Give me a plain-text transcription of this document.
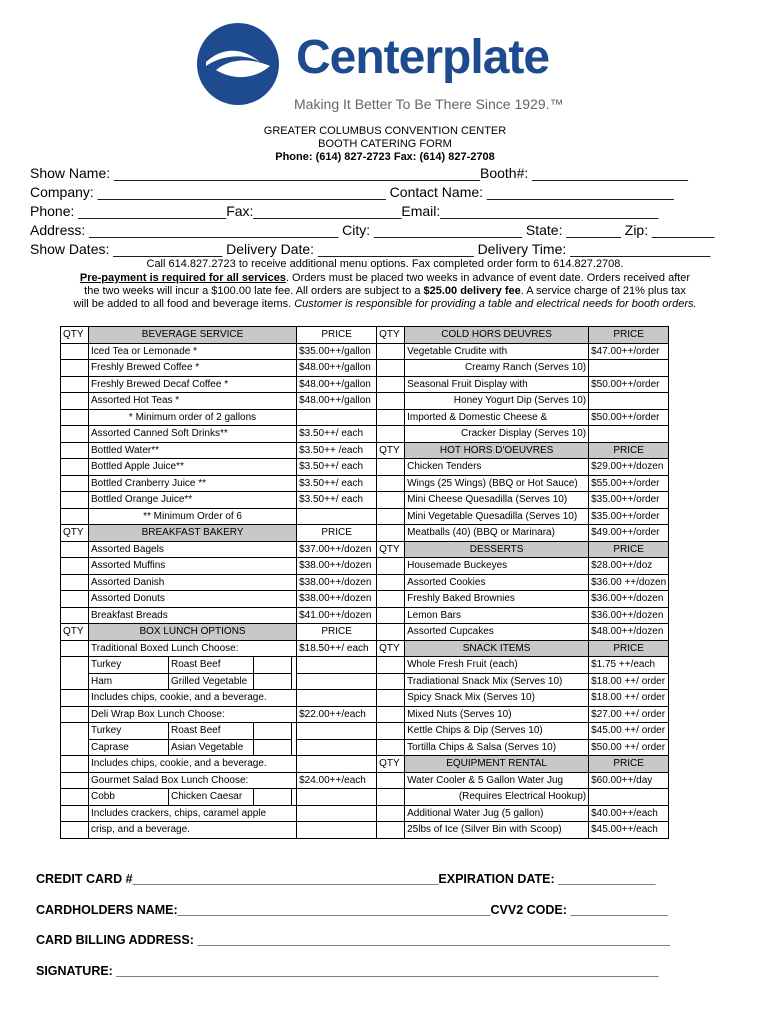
Centerplate
Making It Better To Be There Since 1929.™
GREATER COLUMBUS CONVENTION CENTER
BOOTH CATERING FORM
Phone: (614) 827-2723 Fax: (614) 827-2708
Show Name: _______________________________________________Booth#: ____________________
Company: _____________________________________ Contact Name: ________________________
Phone: ___________________Fax:___________________Email:____________________________
Address: ________________________________ City: ___________________ State: _______ Zip: ________
Show Dates: ______________ Delivery Date: ____________________ Delivery Time: __________________
Call 614.827.2723 to receive additional menu options. Fax completed order form to 614.827.2708.
Pre-payment is required for all services. Orders must be placed two weeks in advance of event date. Orders received after
the two weeks will incur a $100.00 late fee. All orders are subject to a $25.00 delivery fee. A service charge of 21% plus tax
will be added to all food and beverage items. Customer is responsible for providing a table and electrical needs for booth orders.
QTY	BEVERAGE SERVICE				PRICE	QTY	COLD HORS DEUVRES	PRICE
	Iced Tea or Lemonade *				$35.00++/gallon		Vegetable Crudite with	$47.00++/order
	Freshly Brewed Coffee *				$48.00++/gallon		Creamy Ranch (Serves 10)	
	Freshly Brewed Decaf Coffee *				$48.00++/gallon		Seasonal Fruit Display with	$50.00++/order
	Assorted Hot Teas *				$48.00++/gallon		Honey Yogurt Dip (Serves 10)	
	* Minimum order of 2 gallons						Imported & Domestic Cheese &	$50.00++/order
	Assorted Canned Soft Drinks**				$3.50++/ each		Cracker Display (Serves 10)	
	Bottled Water**				$3.50++ /each	QTY	HOT HORS D'OEUVRES	PRICE
	Bottled Apple Juice**				$3.50++/ each		Chicken Tenders	$29.00++/dozen
	Bottled Cranberry Juice **				$3.50++/ each		Wings (25 Wings) (BBQ or Hot Sauce)	$55.00++/order
	Bottled Orange Juice**				$3.50++/ each		Mini Cheese Quesadilla (Serves 10)	$35.00++/order
	** Minimum Order of 6						Mini Vegetable Quesadilla (Serves 10)	$35.00++/order
QTY	BREAKFAST BAKERY				PRICE		Meatballs (40) (BBQ or Marinara)	$49.00++/order
	Assorted Bagels				$37.00++/dozen	QTY	DESSERTS	PRICE
	Assorted Muffins				$38.00++/dozen		Housemade Buckeyes	$28.00++/doz
	Assorted Danish				$38.00++/dozen		Assorted Cookies	$36.00 ++/dozen
	Assorted Donuts				$38.00++/dozen		Freshly Baked Brownies	$36.00++/dozen
	Breakfast Breads				$41.00++/dozen		Lemon Bars	$36.00++/dozen
QTY	BOX LUNCH OPTIONS				PRICE		Assorted Cupcakes	$48.00++/dozen
	Traditional Boxed Lunch Choose:				$18.50++/ each	QTY	SNACK ITEMS	PRICE
	Turkey	Roast Beef					Whole Fresh Fruit (each)	$1.75 ++/each
	Ham	Grilled Vegetable					Tradiational Snack Mix (Serves 10)	$18.00 ++/ order
	Includes chips, cookie, and a beverage.						Spicy Snack Mix (Serves 10)	$18.00 ++/ order
	Deli Wrap Box Lunch Choose:				$22.00++/each		Mixed Nuts (Serves 10)	$27.00 ++/ order
	Turkey	Roast Beef					Kettle Chips & Dip (Serves 10)	$45.00 ++/ order
	Caprase	Asian Vegetable					Tortilla Chips & Salsa (Serves 10)	$50.00 ++/ order
	Includes chips, cookie, and a beverage.					QTY	EQUIPMENT RENTAL	PRICE
	Gourmet Salad Box Lunch Choose:				$24.00++/each		Water Cooler & 5 Gallon Water Jug	$60.00++/day
	Cobb	Chicken Caesar					(Requires Electrical Hookup)	
	Includes crackers, chips, caramel apple						Additional Water Jug (5 gallon)	$40.00++/each
	crisp, and a beverage.						25lbs of Ice (Silver Bin with Scoop)	$45.00++/each
CREDIT CARD #____________________________________________EXPIRATION DATE: ______________
CARDHOLDERS NAME:_____________________________________________CVV2 CODE: ______________
CARD BILLING ADDRESS: ____________________________________________________________________
SIGNATURE: ______________________________________________________________________________
